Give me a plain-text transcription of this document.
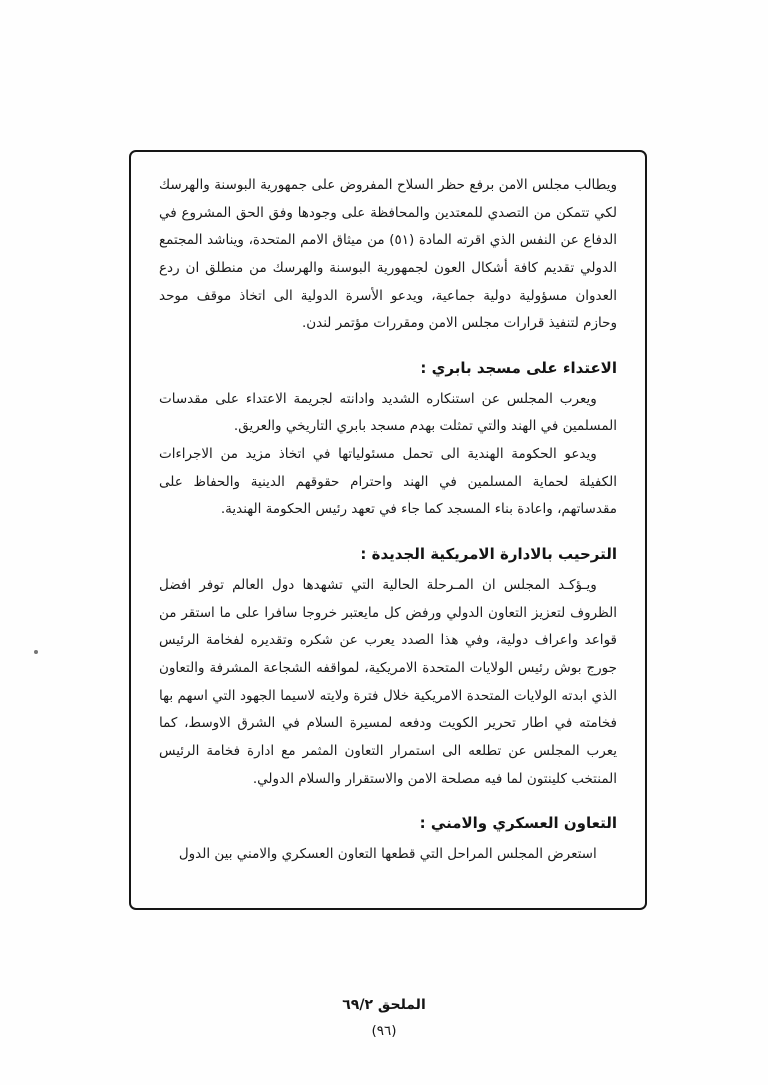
ويطالب مجلس الامن برفع حظر السلاح المفروض على جمهورية البوسنة والهرسك لكي تتمكن من التصدي للمعتدين والمحافظة على وجودها وفق الحق المشروع في الدفاع عن النفس الذي اقرته المادة (٥١) من ميثاق الامم المتحدة، ويناشد المجتمع الدولي تقديم كافة أشكال العون لجمهورية البوسنة والهرسك من منطلق ان ردع العدوان مسؤولية دولية جماعية، ويدعو الأسرة الدولية الى اتخاذ موقف موحد وحازم لتنفيذ قرارات مجلس الامن ومقررات مؤتمر لندن.

الاعتداء على مسجد بابري :

ويعرب المجلس عن استنكاره الشديد وادانته لجريمة الاعتداء على مقدسات المسلمين في الهند والتي تمثلت بهدم مسجد بابري التاريخي والعريق.

ويدعو الحكومة الهندية الى تحمل مسئولياتها في اتخاذ مزيد من الاجراءات الكفيلة لحماية المسلمين في الهند واحترام حقوقهم الدينية والحفاظ على مقدساتهم، واعادة بناء المسجد كما جاء في تعهد رئيس الحكومة الهندية.

الترحيب بالادارة الامريكية الجديدة :

ويـؤكـد المجلس ان المـرحلة الحالية التي تشهدها دول العالم توفر افضل الظروف لتعزيز التعاون الدولي ورفض كل مايعتبر خروجا سافرا على ما استقر من قواعد واعراف دولية، وفي هذا الصدد يعرب عن شكره وتقديره لفخامة الرئيس جورج بوش رئيس الولايات المتحدة الامريكية، لمواقفه الشجاعة المشرفة والتعاون الذي ابدته الولايات المتحدة الامريكية خلال فترة ولايته لاسيما الجهود التي اسهم بها فخامته في اطار تحرير الكويت ودفعه لمسيرة السلام في الشرق الاوسط، كما يعرب المجلس عن تطلعه الى استمرار التعاون المثمر مع ادارة فخامة الرئيس المنتخب كلينتون لما فيه مصلحة الامن والاستقرار والسلام الدولي.

التعاون العسكري والامني :

استعرض المجلس المراحل التي قطعها التعاون العسكري والامني بين الدول

الملحق ٦٩/٢
(٩٦)
